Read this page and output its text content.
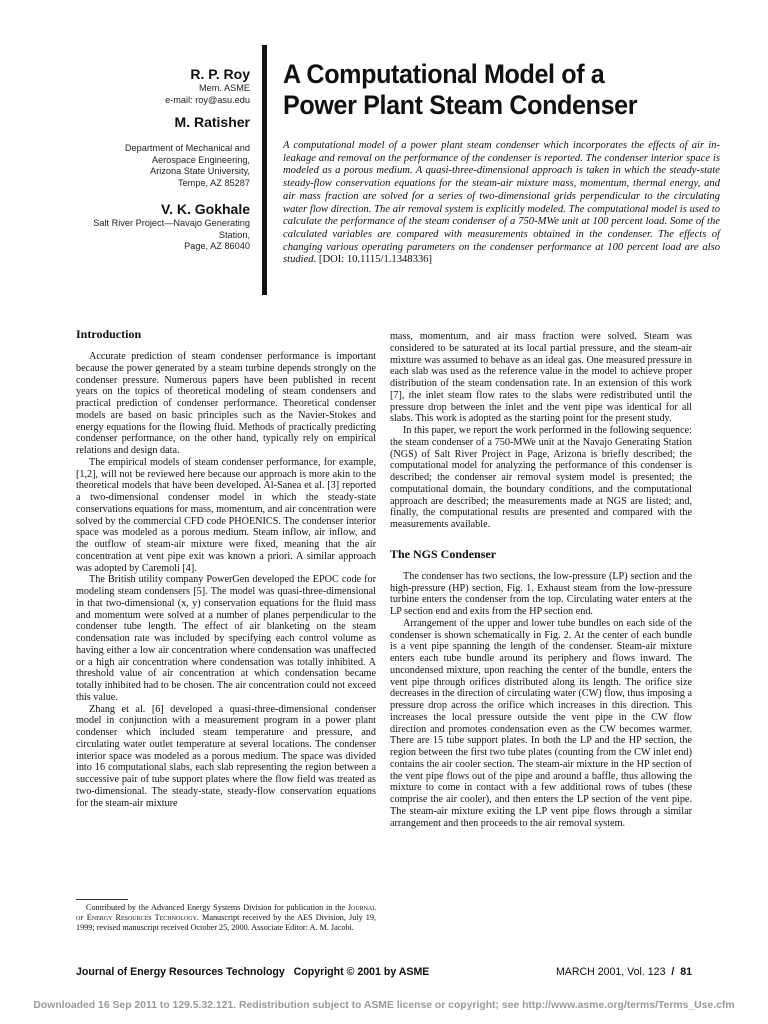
R. P. Roy
Mem. ASME
e-mail: roy@asu.edu
M. Ratisher
Department of Mechanical and
Aerospace Engineering,
Arizona State University,
Tempe, AZ 85287
V. K. Gokhale
Salt River Project—Navajo Generating Station,
Page, AZ 86040
A Computational Model of a
Power Plant Steam Condenser
A computational model of a power plant steam condenser which incorporates the effects of air in-leakage and removal on the performance of the condenser is reported. The condenser interior space is modeled as a porous medium. A quasi-three-dimensional approach is taken in which the steady-state steady-flow conservation equations for the steam-air mixture mass, momentum, thermal energy, and air mass fraction are solved for a series of two-dimensional grids perpendicular to the circulating water flow direction. The air removal system is explicitly modeled. The computational model is used to calculate the performance of the steam condenser of a 750-MWe unit at 100 percent load. Some of the calculated variables are compared with measurements obtained in the condenser. The effects of changing various operating parameters on the condenser performance at 100 percent load are also studied. [DOI: 10.1115/1.1348336]
Introduction

Accurate prediction of steam condenser performance is important because the power generated by a steam turbine depends strongly on the condenser pressure. Numerous papers have been published in recent years on the topics of theoretical modeling of steam condensers and practical prediction of condenser performance. Theoretical condenser models are based on basic principles such as the Navier-Stokes and energy equations for the flowing fluid. Methods of practically predicting condenser performance, on the other hand, typically rely on empirical relations and design data.

The empirical models of steam condenser performance, for example, [1,2], will not be reviewed here because our approach is more akin to the theoretical models that have been developed. Al-Sanea et al. [3] reported a two-dimensional condenser model in which the steady-state conservations equations for mass, momentum, and air concentration were solved by the commercial CFD code PHOENICS. The condenser interior space was modeled as a porous medium. Steam inflow, air inflow, and the outflow of steam-air mixture were fixed, meaning that the air concentration at vent pipe exit was known a priori. A similar approach was adopted by Caremoli [4].

The British utility company PowerGen developed the EPOC code for modeling steam condensers [5]. The model was quasi-three-dimensional in that two-dimensional (x, y) conservation equations for the fluid mass and momentum were solved at a number of planes perpendicular to the condenser tube length. The effect of air blanketing on the steam condensation rate was included by specifying each control volume as having either a low air concentration where condensation was unaffected or a high air concentration where condensation was totally inhibited. A threshold value of air concentration at which condensation became totally inhibited had to be chosen. The air concentration could not exceed this value.

Zhang et al. [6] developed a quasi-three-dimensional condenser model in conjunction with a measurement program in a power plant condenser which included steam temperature and pressure, and circulating water outlet temperature at several locations. The condenser interior space was modeled as a porous medium. The space was divided into 16 computational slabs, each slab representing the region between a successive pair of tube support plates where the flow field was treated as two-dimensional. The steady-state, steady-flow conservation equations for the steam-air mixture

mass, momentum, and air mass fraction were solved. Steam was considered to be saturated at its local partial pressure, and the steam-air mixture was assumed to behave as an ideal gas. One measured pressure in each slab was used as the reference value in the model to achieve proper distribution of the steam condensation rate. In an extension of this work [7], the inlet steam flow rates to the slabs were redistributed until the pressure drop between the inlet and the vent pipe was identical for all slabs. This work is adopted as the starting point for the present study.

In this paper, we report the work performed in the following sequence: the steam condenser of a 750-MWe unit at the Navajo Generating Station (NGS) of Salt River Project in Page, Arizona is briefly described; the computational model for analyzing the performance of this condenser is described; the condenser air removal system model is presented; the computational domain, the boundary conditions, and the computational approach are described; the measurements made at NGS are listed; and, finally, the computational results are presented and compared with the measurements available.

The NGS Condenser

The condenser has two sections, the low-pressure (LP) section and the high-pressure (HP) section, Fig. 1. Exhaust steam from the low-pressure turbine enters the condenser from the top. Circulating water enters at the LP section end and exits from the HP section end.

Arrangement of the upper and lower tube bundles on each side of the condenser is shown schematically in Fig. 2. At the center of each bundle is a vent pipe spanning the length of the condenser. Steam-air mixture enters each tube bundle around its periphery and flows inward. The uncondensed mixture, upon reaching the center of the bundle, enters the vent pipe through orifices distributed along its length. The orifice size decreases in the direction of circulating water (CW) flow, thus imposing a pressure drop across the orifice which increases in this direction. This increases the local pressure outside the vent pipe in the CW flow direction and promotes condensation even as the CW becomes warmer. There are 15 tube support plates. In both the LP and the HP section, the region between the first two tube plates (counting from the CW inlet end) contains the air cooler section. The steam-air mixture in the HP section of the vent pipe flows out of the pipe and around a baffle, thus allowing the mixture to come in contact with a few additional rows of tubes (these comprise the air cooler), and then enters the LP section of the vent pipe. The steam-air mixture exiting the LP vent pipe flows through a similar arrangement and then proceeds to the air removal system.

Contributed by the Advanced Energy Systems Division for publication in the Journal of Energy Resources Technology. Manuscript received by the AES Division, July 19, 1999; revised manuscript received October 25, 2000. Associate Editor: A. M. Jacobi.
Journal of Energy Resources Technology Copyright © 2001 by ASME	MARCH 2001, Vol. 123 / 81
Downloaded 16 Sep 2011 to 129.5.32.121. Redistribution subject to ASME license or copyright; see http://www.asme.org/terms/Terms_Use.cfm
